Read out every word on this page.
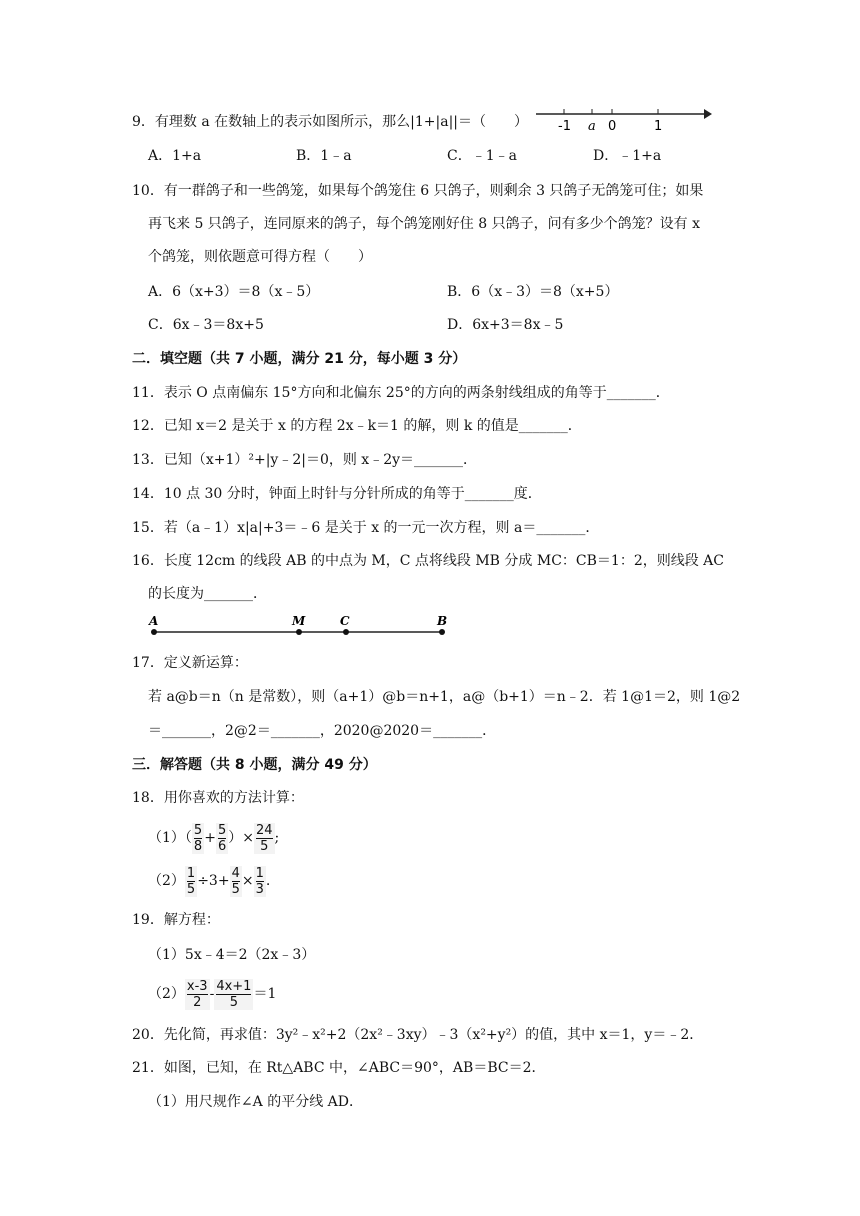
9．有理数 a 在数轴上的表示如图所示，那么|1+|a||＝（　　） -1 a 0	1
A．1+a	B．1﹣a	C．﹣1﹣a	D．﹣1+a
10．有一群鸽子和一些鸽笼，如果每个鸽笼住 6 只鸽子，则剩余 3 只鸽子无鸽笼可住；如果
再飞来 5 只鸽子，连同原来的鸽子，每个鸽笼刚好住 8 只鸽子，问有多少个鸽笼？设有 x
个鸽笼，则依题意可得方程（　　）
A．6（x+3）＝8（x﹣5）	B．6（x﹣3）＝8（x+5）
C．6x﹣3＝8x+5	D．6x+3＝8x﹣5
二．填空题（共 7 小题，满分 21 分，每小题 3 分）
11．表示 O 点南偏东 15°方向和北偏东 25°的方向的两条射线组成的角等于_______．
12．已知 x＝2 是关于 x 的方程 2x﹣k＝1 的解，则 k 的值是_______．
13．已知（x+1）²+|y﹣2|＝0，则 x﹣2y＝_______．
14．10 点 30 分时，钟面上时针与分针所成的角等于_______度．
15．若（a﹣1）x|a|+3＝﹣6 是关于 x 的一元一次方程，则 a＝_______．
16．长度 12cm 的线段 AB 的中点为 M，C 点将线段 MB 分成 MC：CB＝1：2，则线段 AC
的长度为_______．
A	M	C	B
17．定义新运算：
若 a@b＝n（n 是常数），则（a+1）@b＝n+1，a@（b+1）＝n﹣2．若 1@1＝2，则 1@2
＝_______，2@2＝_______，2020@2020＝_______．
三．解答题（共 8 小题，满分 49 分）
18．用你喜欢的方法计算：
$(1)( \frac{5}{8} + \frac{5}{6}$ ）× $\frac{24}{5}$ ;
$(2) \frac{1}{5} \div 3+ \frac{4}{5} \times \frac{1}{3}$ .
19．解方程：
（1）5x﹣4＝2（2x﹣3）
$(2) \frac{x-3}{2} - \frac{4x+1}{5} =1$
20．先化简，再求值：3y²﹣x²+2（2x²﹣3xy）﹣3（x²+y²）的值，其中 x＝1，y＝﹣2．
21．如图，已知，在 Rt△ABC 中，∠ABC＝90°，AB＝BC＝2．
（1）用尺规作∠A 的平分线 AD．
